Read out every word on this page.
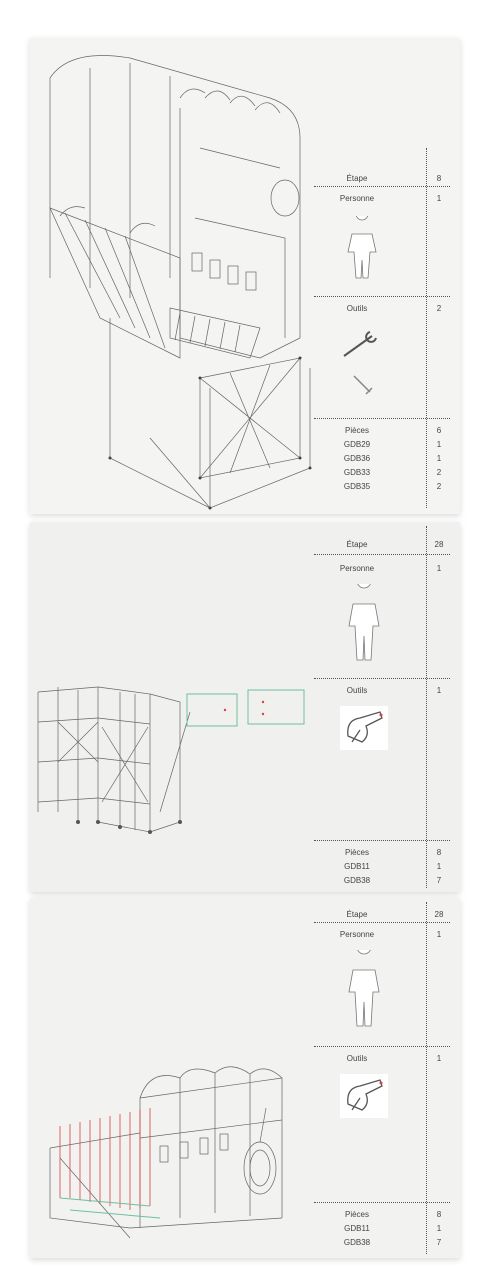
Étape	8
Personne	1
Outils	2
Pièces	6
GDB29	1
GDB36	1
GDB33	2
GDB35	2
Étape	28
Personne	1
Outils	1
Pièces	8
GDB11	1
GDB38	7
Étape	28
Personne	1
Outils	1
Pièces	8
GDB11	1
GDB38	7
